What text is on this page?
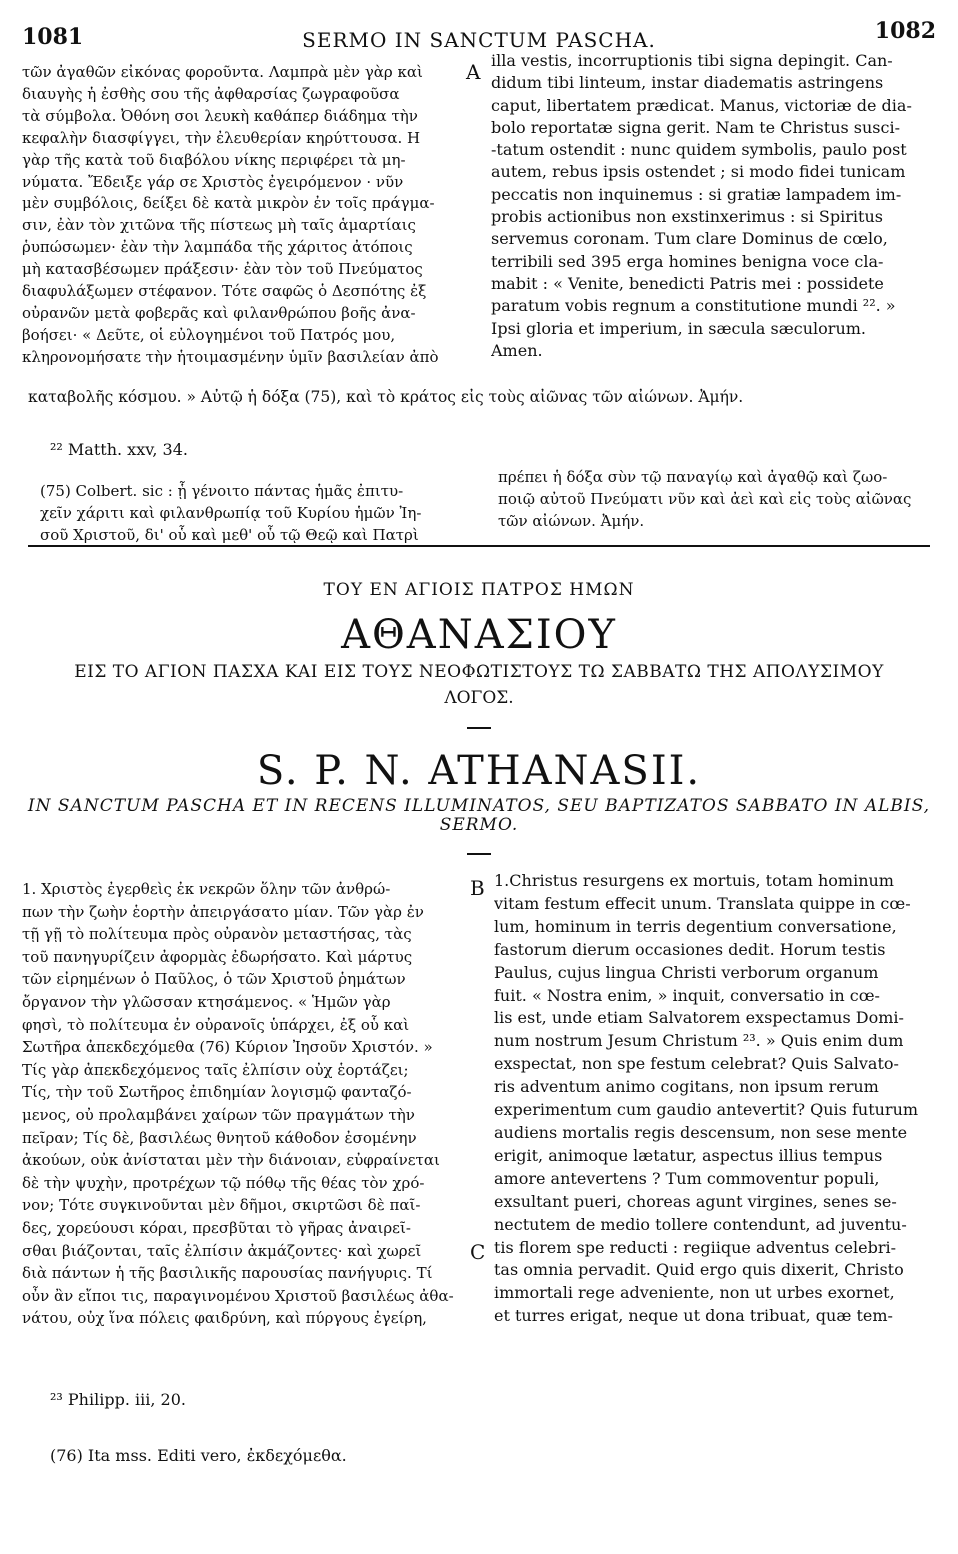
1081	SERMO IN SANCTUM PASCHA.	1082
τῶν ἀγαθῶν εἰκόνας φοροῦντα. Λαμπρὰ μὲν γὰρ καὶ
διαυγὴς ἡ ἐσθὴς σου τῆς ἀφθαρσίας ζωγραφοῦσα
τὰ σύμβολα. Ὀθόνη σοι λευκὴ καθάπερ διάδημα τὴν
κεφαλὴν διασφίγγει, τὴν ἐλευθερίαν κηρύττουσα. Η
γὰρ τῆς κατὰ τοῦ διαβόλου νίκης περιφέρει τὰ μη-
νύματα. Ἔδειξε γάρ σε Χριστὸς ἐγειρόμενον · νῦν
μὲν συμβόλοις, δείξει δὲ κατὰ μικρὸν ἐν τοῖς πράγμα-
σιν, ἐὰν τὸν χιτῶνα τῆς πίστεως μὴ ταῖς ἁμαρτίαις
ῥυπώσωμεν· ἐὰν τὴν λαμπάδα τῆς χάριτος ἀτόποις
μὴ κατασβέσωμεν πράξεσιν· ἐὰν τὸν τοῦ Πνεύματος
διαφυλάξωμεν στέφανον. Τότε σαφῶς ὁ Δεσπότης ἐξ
οὐρανῶν μετὰ φοβερᾶς καὶ φιλανθρώπου βοῆς ἀνα-
βοήσει· « Δεῦτε, οἱ εὐλογημένοι τοῦ Πατρός μου,
κληρονομήσατε τὴν ἡτοιμασμένην ὑμῖν βασιλείαν ἀπὸ
A illa vestis, incorruptionis tibi signa depingit. Can-
didum tibi linteum, instar diadematis astringens
caput, libertatem prædicat. Manus, victoriæ de dia-
bolo reportatæ signa gerit. Nam te Christus susci-
-tatum ostendit : nunc quidem symbolis, paulo post
autem, rebus ipsis ostendet ; si modo fidei tunicam
peccatis non inquinemus : si gratiæ lampadem im-
probis actionibus non exstinxerimus : si Spiritus
servemus coronam. Tum clare Dominus de cœlo,
terribili sed 395 erga homines benigna voce cla-
mabit : « Venite, benedicti Patris mei : possidete
paratum vobis regnum a constitutione mundi ²². »
Ipsi gloria et imperium, in sæcula sæculorum.
Amen.
καταβολῆς κόσμου. » Αὐτῷ ἡ δόξα (75), καὶ τὸ κράτος εἰς τοὺς αἰῶνας τῶν αἰώνων. Ἀμήν.
²² Matth. xxv, 34.
(75) Colbert. sic : ᾗ γένοιτο πάντας ἡμᾶς ἐπιτυ-
χεῖν χάριτι καὶ φιλανθρωπίᾳ τοῦ Κυρίου ἡμῶν Ἰη-
σοῦ Χριστοῦ, δι' οὗ καὶ μεθ' οὗ τῷ Θεῷ καὶ Πατρὶ
πρέπει ἡ δόξα σὺν τῷ παναγίῳ καὶ ἀγαθῷ καὶ ζωο-
ποιῷ αὐτοῦ Πνεύματι νῦν καὶ ἀεὶ καὶ εἰς τοὺς αἰῶνας
τῶν αἰώνων. Ἀμήν.
ΤΟΥ ΕΝ ΑΓΙΟΙΣ ΠΑΤΡΟΣ ΗΜΩΝ
ΑΘΑΝΑΣΙΟΥ
ΕΙΣ ΤΟ ΑΓΙΟΝ ΠΑΣΧΑ ΚΑΙ ΕΙΣ ΤΟΥΣ ΝΕΟΦΩΤΙΣΤΟΥΣ ΤΩ ΣΑΒΒΑΤΩ ΤΗΣ ΑΠΟΛΥΣΙΜΟΥ
ΛΟΓΟΣ.
S. P. N. ATHANASII.
IN SANCTUM PASCHA ET IN RECENS ILLUMINATOS, SEU BAPTIZATOS SABBATO IN ALBIS,
SERMO.
1. Χριστὸς ἐγερθεὶς ἐκ νεκρῶν ὅλην τῶν ἀνθρώ-
πων τὴν ζωὴν ἑορτὴν ἀπειργάσατο μίαν. Τῶν γὰρ ἐν
τῇ γῇ τὸ πολίτευμα πρὸς οὐρανὸν μεταστήσας, τὰς
τοῦ πανηγυρίζειν ἀφορμὰς ἐδωρήσατο. Καὶ μάρτυς
τῶν εἰρημένων ὁ Παῦλος, ὁ τῶν Χριστοῦ ῥημάτων
ὄργανον τὴν γλῶσσαν κτησάμενος. « Ἡμῶν γὰρ
φησὶ, τὸ πολίτευμα ἐν οὐρανοῖς ὑπάρχει, ἐξ οὗ καὶ
Σωτῆρα ἀπεκδεχόμεθα (76) Κύριον Ἰησοῦν Χριστόν. »
Τίς γὰρ ἀπεκδεχόμενος ταῖς ἐλπίσιν οὐχ ἑορτάζει;
Τίς, τὴν τοῦ Σωτῆρος ἐπιδημίαν λογισμῷ φανταζό-
μενος, οὐ προλαμβάνει χαίρων τῶν πραγμάτων τὴν
πεῖραν; Τίς δὲ, βασιλέως θνητοῦ κάθοδον ἐσομένην
ἀκούων, οὐκ ἀνίσταται μὲν τὴν διάνοιαν, εὐφραίνεται
δὲ τὴν ψυχὴν, προτρέχων τῷ πόθῳ τῆς θέας τὸν χρό-
νον; Τότε συγκινοῦνται μὲν δῆμοι, σκιρτῶσι δὲ παῖ-
δες, χορεύουσι κόραι, πρεσβῦται τὸ γῆρας ἀναιρεῖ-
σθαι βιάζονται, ταῖς ἐλπίσιν ἀκμάζοντες· καὶ χωρεῖ
διὰ πάντων ἡ τῆς βασιλικῆς παρουσίας πανήγυρις. Τί
οὖν ἂν εἴποι τις, παραγινομένου Χριστοῦ βασιλέως ἀθα-
νάτου, οὐχ ἵνα πόλεις φαιδρύνη, καὶ πύργους ἐγείρη,
B
C
1.Christus resurgens ex mortuis, totam hominum
vitam festum effecit unum. Translata quippe in cœ-
lum, hominum in terris degentium conversatione,
fastorum dierum occasiones dedit. Horum testis
Paulus, cujus lingua Christi verborum organum
fuit. « Nostra enim, » inquit, conversatio in cœ-
lis est, unde etiam Salvatorem exspectamus Domi-
num nostrum Jesum Christum ²³. » Quis enim dum
exspectat, non spe festum celebrat? Quis Salvato-
ris adventum animo cogitans, non ipsum rerum
experimentum cum gaudio antevertit? Quis futurum
audiens mortalis regis descensum, non sese mente
erigit, animoque lætatur, aspectus illius tempus
amore antevertens ? Tum commoventur populi,
exsultant pueri, choreas agunt virgines, senes se-
nectutem de medio tollere contendunt, ad juventu-
tis florem spe reducti : regiique adventus celebri-
tas omnia pervadit. Quid ergo quis dixerit, Christo
immortali rege adveniente, non ut urbes exornet,
et turres erigat, neque ut dona tribuat, quæ tem-
²³ Philipp. iii, 20.
(76) Ita mss. Editi vero, ἐκδεχόμεθα.
